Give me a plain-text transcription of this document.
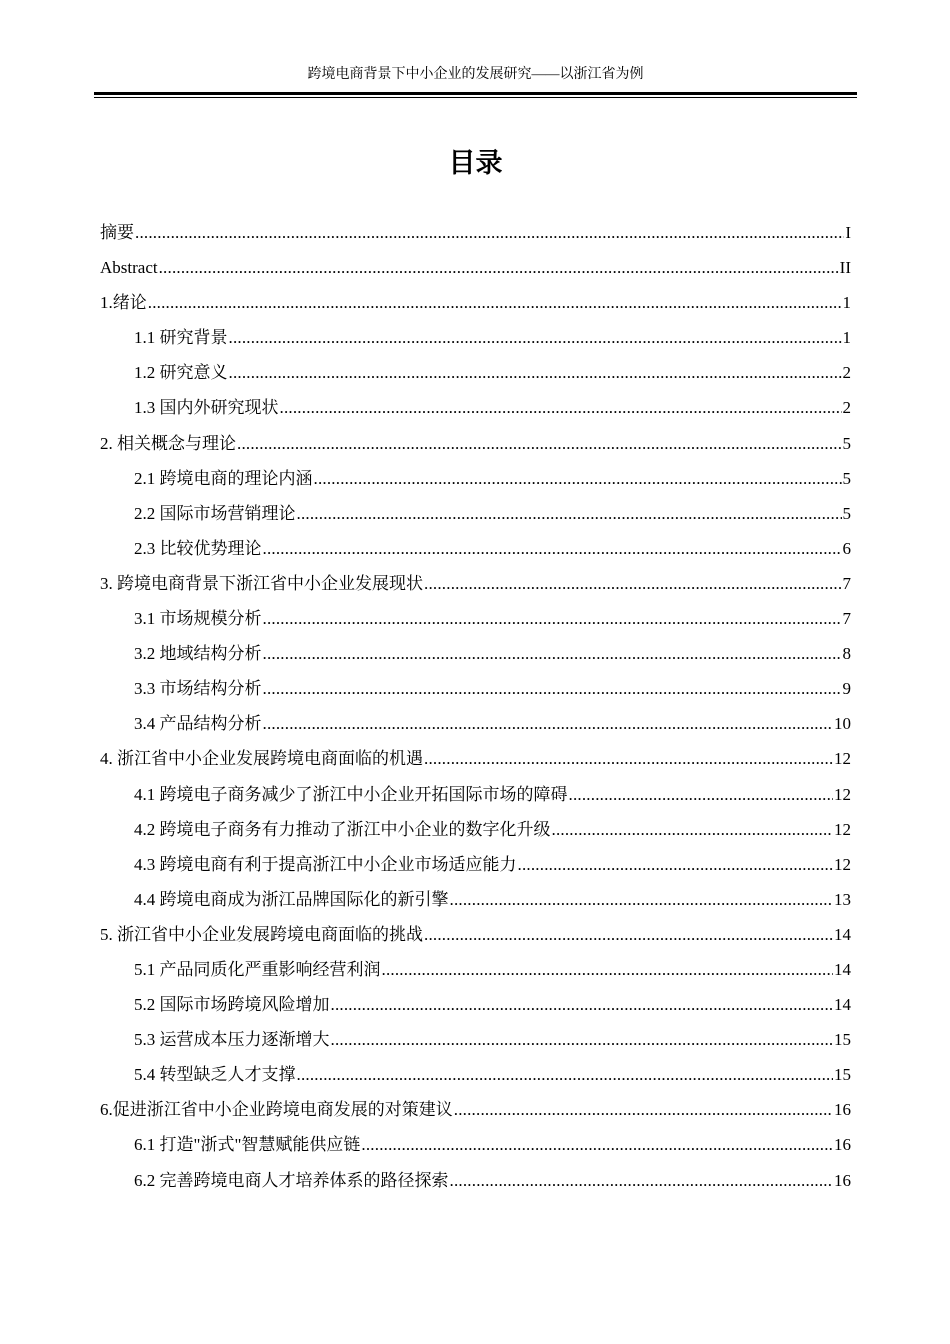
跨境电商背景下中小企业的发展研究——以浙江省为例
目录
摘要 .....	I
Abstract .....	II
1.绪论 .....	1
1.1 研究背景 .....	1
1.2 研究意义 .....	2
1.3 国内外研究现状 .....	2
2. 相关概念与理论 .....	5
2.1 跨境电商的理论内涵 .....	5
2.2 国际市场营销理论 .....	5
2.3 比较优势理论 .....	6
3. 跨境电商背景下浙江省中小企业发展现状 .....	7
3.1 市场规模分析 .....	7
3.2 地域结构分析 .....	8
3.3 市场结构分析 .....	9
3.4 产品结构分析 .....	10
4. 浙江省中小企业发展跨境电商面临的机遇 .....	12
4.1 跨境电子商务减少了浙江中小企业开拓国际市场的障碍 .....	12
4.2 跨境电子商务有力推动了浙江中小企业的数字化升级 .....	12
4.3 跨境电商有利于提高浙江中小企业市场适应能力 .....	12
4.4 跨境电商成为浙江品牌国际化的新引擎 .....	13
5. 浙江省中小企业发展跨境电商面临的挑战 .....	14
5.1 产品同质化严重影响经营利润 .....	14
5.2 国际市场跨境风险增加 .....	14
5.3 运营成本压力逐渐增大 .....	15
5.4 转型缺乏人才支撑 .....	15
6.促进浙江省中小企业跨境电商发展的对策建议 .....	16
6.1 打造"浙式"智慧赋能供应链 .....	16
6.2 完善跨境电商人才培养体系的路径探索 .....	16
